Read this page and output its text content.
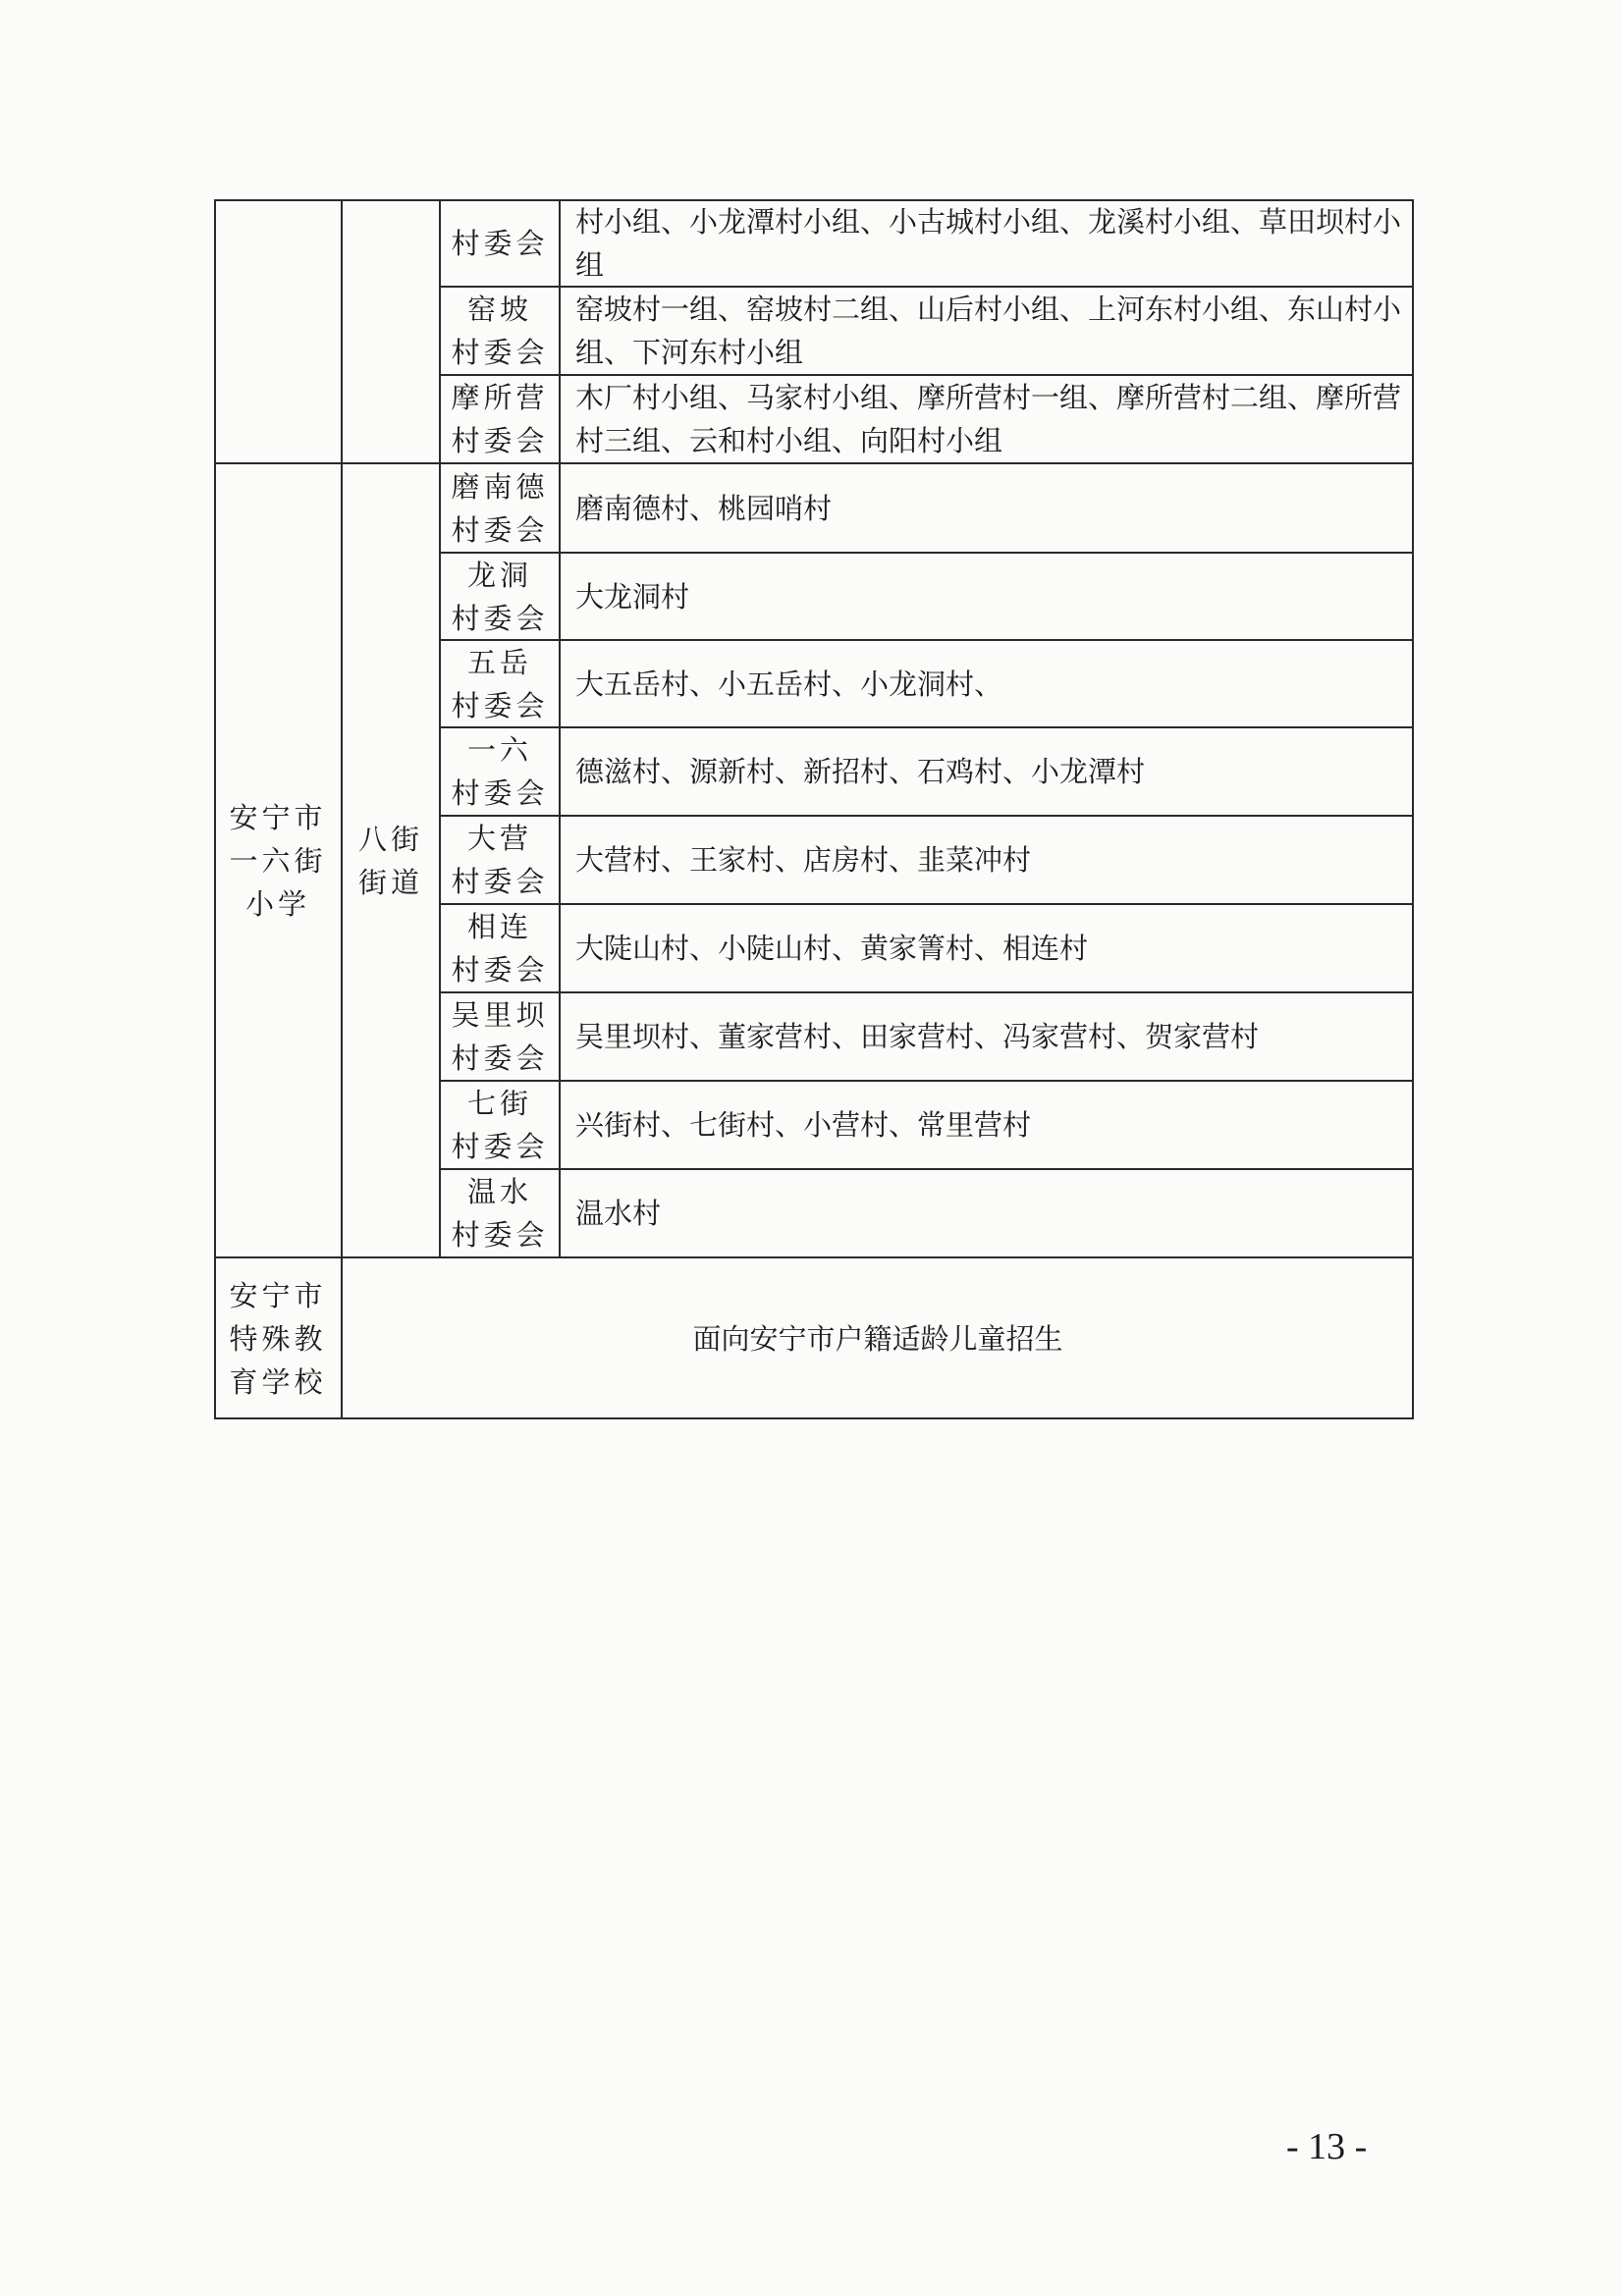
村委会
村小组、小龙潭村小组、小古城村小组、龙溪村小组、草田坝村小组
窑坡
村委会
窑坡村一组、窑坡村二组、山后村小组、上河东村小组、东山村小组、下河东村小组
摩所营
村委会
木厂村小组、马家村小组、摩所营村一组、摩所营村二组、摩所营村三组、云和村小组、向阳村小组
安宁市
一六街
小学
八街
街道
磨南德
村委会
磨南德村、桃园哨村
龙洞
村委会
大龙洞村
五岳
村委会
大五岳村、小五岳村、小龙洞村、
一六
村委会
德滋村、源新村、新招村、石鸡村、小龙潭村
大营
村委会
大营村、王家村、店房村、韭菜冲村
相连
村委会
大陡山村、小陡山村、黄家箐村、相连村
吴里坝
村委会
吴里坝村、董家营村、田家营村、冯家营村、贺家营村
七街
村委会
兴街村、七街村、小营村、常里营村
温水
村委会
温水村
安宁市
特殊教
育学校
面向安宁市户籍适龄儿童招生
- 13 -
